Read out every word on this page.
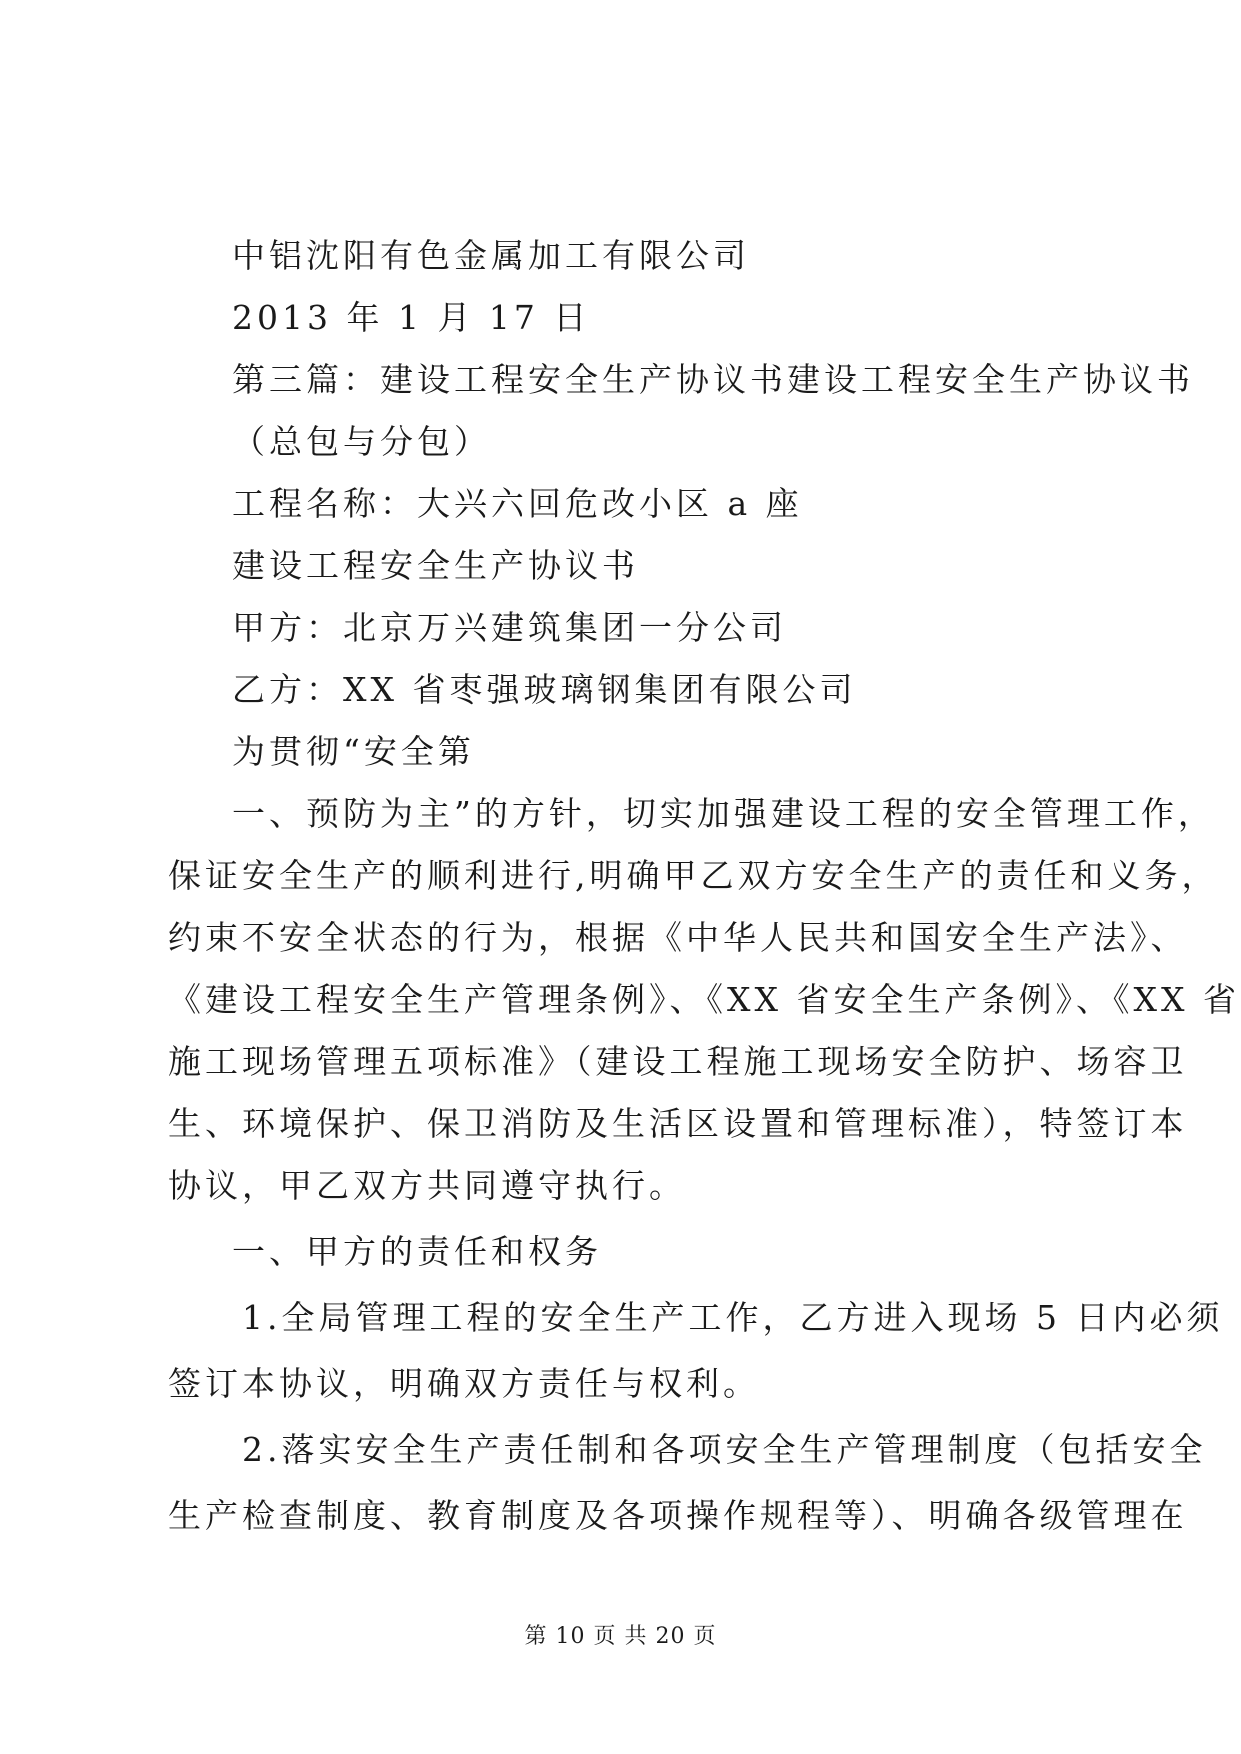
中铝沈阳有色金属加工有限公司
2013 年 1 月 17 日
第三篇：建设工程安全生产协议书建设工程安全生产协议书
（总包与分包）
工程名称：大兴六回危改小区 a 座
建设工程安全生产协议书
甲方：北京万兴建筑集团一分公司
乙方：XX 省枣强玻璃钢集团有限公司
为贯彻“安全第
一、预防为主”的方针，切实加强建设工程的安全管理工作，
保证安全生产的顺利进行,明确甲乙双方安全生产的责任和义务，
约束不安全状态的行为，根据《中华人民共和国安全生产法》、
《建设工程安全生产管理条例》、《XX 省安全生产条例》、《XX 省
施工现场管理五项标准》（建设工程施工现场安全防护、场容卫
生、环境保护、保卫消防及生活区设置和管理标准），特签订本
协议，甲乙双方共同遵守执行。
一、甲方的责任和权务
1.全局管理工程的安全生产工作，乙方进入现场 5 日内必须
签订本协议，明确双方责任与权利。
2.落实安全生产责任制和各项安全生产管理制度（包括安全
生产检查制度、教育制度及各项操作规程等）、明确各级管理在
第 10 页 共 20 页
